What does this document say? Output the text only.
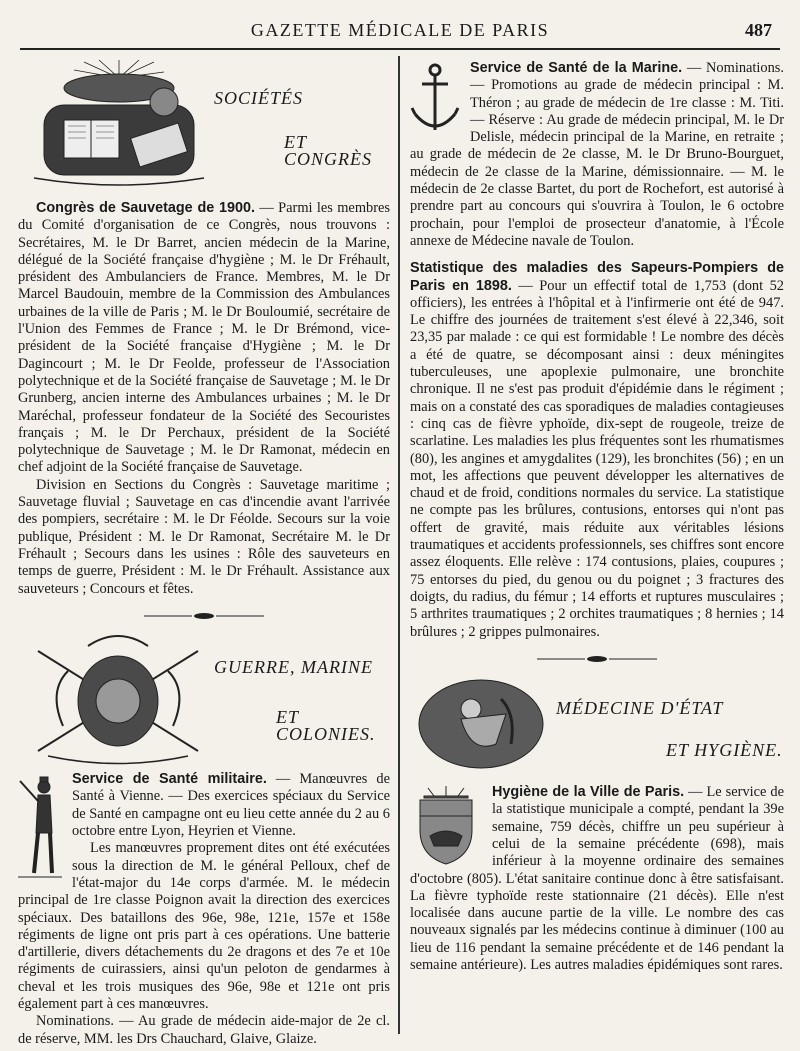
GAZETTE MÉDICALE DE PARIS	487
SOCIÉTÉS
ET CONGRÈS

Congrès de Sauvetage de 1900. — Parmi les membres du Comité d'organisation de ce Congrès, nous trouvons : Secrétaires, M. le Dr Barret, ancien médecin de la Marine, délégué de la Société française d'hygiène ; M. le Dr Fréhault, président des Ambulanciers de France. Membres, M. le Dr Marcel Baudouin, membre de la Commission des Ambulances urbaines de la ville de Paris ; M. le Dr Bouloumié, secrétaire de l'Union des Femmes de France ; M. le Dr Brémond, vice-président de la Société française d'Hygiène ; M. le Dr Dagincourt ; M. le Dr Feolde, professeur de l'Association polytechnique et de la Société française de Sauvetage ; M. le Dr Grunberg, ancien interne des Ambulances urbaines ; M. le Dr Maréchal, professeur fondateur de la Société des Secouristes français ; M. le Dr Perchaux, président de la Société polytechnique de Sauvetage ; M. le Dr Ramonat, médecin en chef adjoint de la Société française de Sauvetage.

Division en Sections du Congrès : Sauvetage maritime ; Sauvetage fluvial ; Sauvetage en cas d'incendie avant l'arrivée des pompiers, secrétaire : M. le Dr Féolde. Secours sur la voie publique, Président : M. le Dr Ramonat, Secrétaire M. le Dr Fréhault ; Secours dans les usines : Rôle des sauveteurs en temps de guerre, Président : M. le Dr Fréhault. Assistance aux sauveteurs ; Concours et fêtes.

GUERRE, MARINE
ET COLONIES.

Service de Santé militaire. — Manœuvres de Santé à Vienne. — Des exercices spéciaux du Service de Santé en campagne ont eu lieu cette année du 2 au 6 octobre entre Lyon, Heyrien et Vienne.

Les manœuvres proprement dites ont été exécutées sous la direction de M. le général Pelloux, chef de l'état-major du 14e corps d'armée. M. le médecin principal de 1re classe Poignon avait la direction des exercices spéciaux. Des bataillons des 96e, 98e, 121e, 157e et 158e régiments de ligne ont pris part à ces opérations. Une batterie d'artillerie, divers détachements du 2e dragons et des 7e et 10e régiments de cuirassiers, ainsi qu'un peloton de gendarmes à cheval et les trois musiques des 96e, 98e et 121e ont pris également part à ces manœuvres.

Nominations. — Au grade de médecin aide-major de 2e cl. de réserve, MM. les Drs Chauchard, Glaive, Glaize.

Service de Santé de la Marine. — Nominations. — Promotions au grade de médecin principal : M. Théron ; au grade de médecin de 1re classe : M. Titi. — Réserve : Au grade de médecin principal, M. le Dr Delisle, médecin principal de la Marine, en retraite ; au grade de médecin de 2e classe, M. le Dr Bruno-Bourguet, médecin de 2e classe de la Marine, démissionnaire. — M. le médecin de 2e classe Bartet, du port de Rochefort, est autorisé à prendre part au concours qui s'ouvrira à Toulon, le 6 octobre prochain, pour l'emploi de prosecteur d'anatomie, à l'École annexe de Médecine navale de Toulon.

Statistique des maladies des Sapeurs-Pompiers de Paris en 1898. — Pour un effectif total de 1,753 (dont 52 officiers), les entrées à l'hôpital et à l'infirmerie ont été de 947. Le chiffre des journées de traitement s'est élevé à 22,346, soit 23,35 par malade : ce qui est formidable ! Le nombre des décès a été de quatre, se décomposant ainsi : deux méningites tuberculeuses, une apoplexie pulmonaire, une bronchite chronique. Il ne s'est pas produit d'épidémie dans le régiment ; mais on a constaté des cas sporadiques de maladies contagieuses : cinq cas de fièvre yphoïde, dix-sept de rougeole, treize de scarlatine. Les maladies les plus fréquentes sont les rhumatismes (80), les angines et amygdalites (129), les bronchites (56) ; en un mot, les affections que peuvent développer les alternatives de chaud et de froid, conditions normales du service. La statistique ne compte pas les brûlures, contusions, entorses qui n'ont pas offert de gravité, mais réduite aux véritables lésions traumatiques et accidents professionnels, ses chiffres sont encore assez éloquents. Elle relève : 174 contusions, plaies, coupures ; 75 entorses du pied, du genou ou du poignet ; 3 fractures des doigts, du radius, du fémur ; 14 efforts et ruptures musculaires ; 5 arthrites traumatiques ; 2 orchites traumatiques ; 8 hernies ; 14 brûlures ; 2 grippes pulmonaires.

MÉDECINE D'ÉTAT
ET HYGIÈNE.

Hygiène de la Ville de Paris. — Le service de la statistique municipale a compté, pendant la 39e semaine, 759 décès, chiffre un peu supérieur à celui de la semaine précédente (698), mais inférieur à la moyenne ordinaire des semaines d'octobre (805). L'état sanitaire continue donc à être satisfaisant. La fièvre typhoïde reste stationnaire (21 décès). Elle n'est localisée dans aucune partie de la ville. Le nombre des cas nouveaux signalés par les médecins continue à diminuer (100 au lieu de 116 pendant la semaine précédente et de 146 pendant la semaine antérieure). Les autres maladies épidémiques sont rares.
